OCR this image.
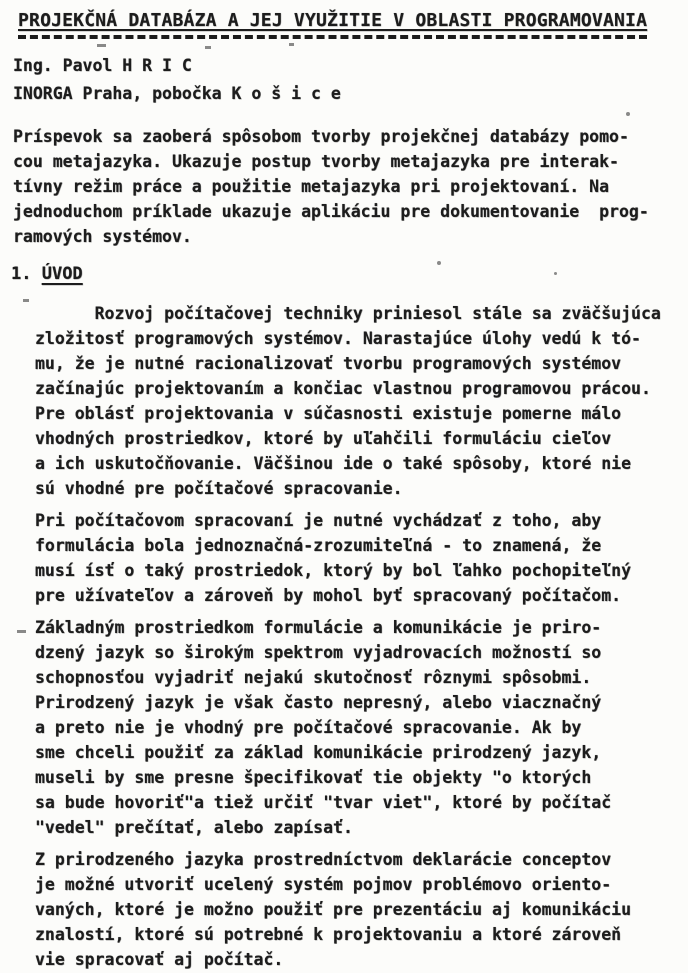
PROJEKČNÁ DATABÁZA A JEJ VYUŽITIE V OBLASTI PROGRAMOVANIA
Ing. Pavol H R I C
INORGA Praha, pobočka K o š i c e
Príspevok sa zaoberá spôsobom tvorby projekčnej databázy pomo-
cou metajazyka. Ukazuje postup tvorby metajazyka pre interak-
tívny režim práce a použitie metajazyka pri projektovaní. Na
jednoduchom príklade ukazuje aplikáciu pre dokumentovanie  prog-
ramových systémov.
1. ÚVOD
Rozvoj počítačovej techniky priniesol stále sa zväčšujúca
zložitosť programových systémov. Narastajúce úlohy vedú k tó-
mu, že je nutné racionalizovať tvorbu programových systémov
začínajúc projektovaním a končiac vlastnou programovou prácou.
Pre oblásť projektovania v súčasnosti existuje pomerne málo
vhodných prostriedkov, ktoré by uľahčili formuláciu cieľov
a ich uskutočňovanie. Väčšinou ide o také spôsoby, ktoré nie
sú vhodné pre počítačové spracovanie.
Pri počítačovom spracovaní je nutné vychádzať z toho, aby
formulácia bola jednoznačná-zrozumiteľná - to znamená, že
musí ísť o taký prostriedok, ktorý by bol ľahko pochopiteľný
pre užívateľov a zároveň by mohol byť spracovaný počítačom.
Základným prostriedkom formulácie a komunikácie je priro-
dzený jazyk so širokým spektrom vyjadrovacích možností so
schopnosťou vyjadriť nejakú skutočnosť rôznymi spôsobmi.
Prirodzený jazyk je však často nepresný, alebo viacznačný
a preto nie je vhodný pre počítačové spracovanie. Ak by
sme chceli použiť za základ komunikácie prirodzený jazyk,
museli by sme presne špecifikovať tie objekty "o ktorých
sa bude hovoriť"a tiež určiť "tvar viet", ktoré by počítač
"vedel" prečítať, alebo zapísať.
Z prirodzeného jazyka prostredníctvom deklarácie conceptov
je možné utvoriť ucelený systém pojmov problémovo oriento-
vaných, ktoré je možno použiť pre prezentáciu aj komunikáciu
znalostí, ktoré sú potrebné k projektovaniu a ktoré zároveň
vie spracovať aj počítač.
